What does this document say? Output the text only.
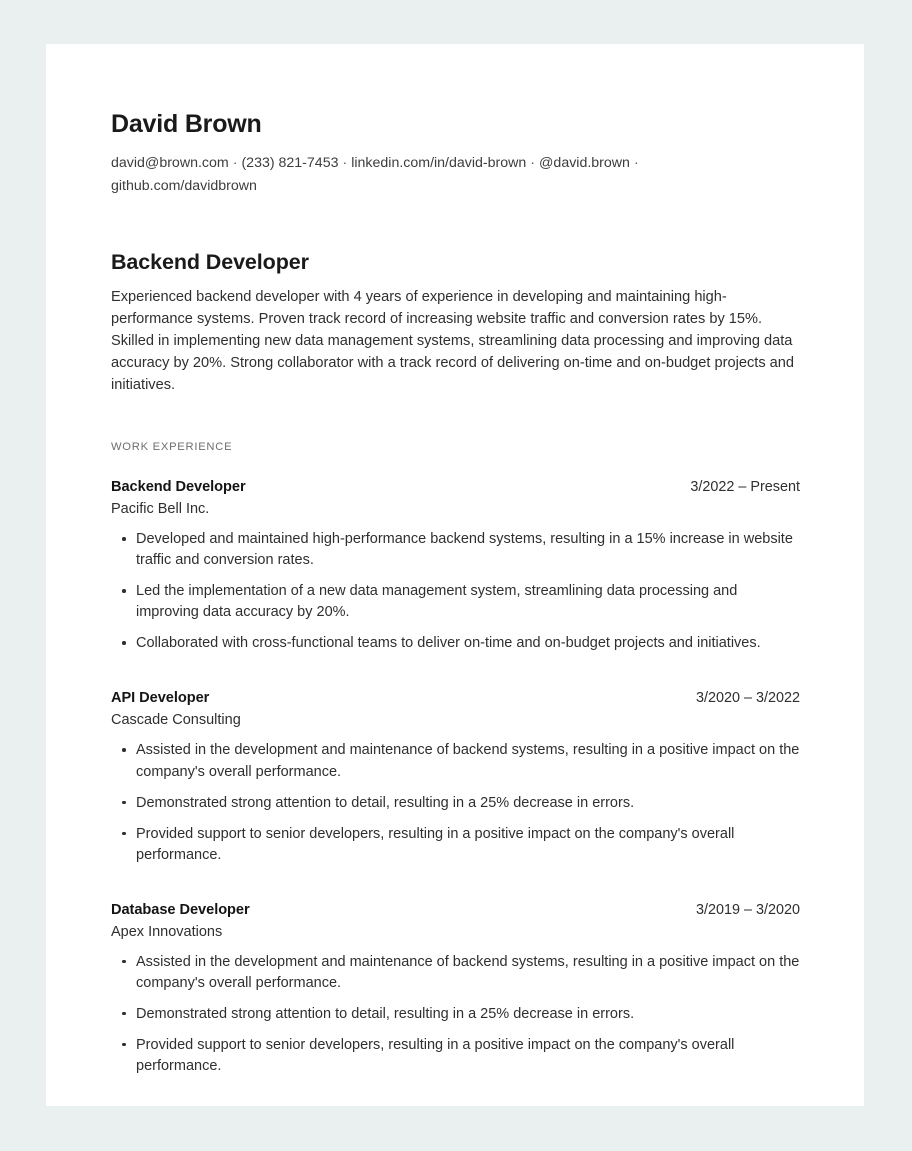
David Brown

david@brown.com · (233) 821-7453 · linkedin.com/in/david-brown · @david.brown ·github.com/davidbrown

Backend Developer

Experienced backend developer with 4 years of experience in developing and maintaining high-performance systems. Proven track record of increasing website traffic and conversion rates by 15%. Skilled in implementing new data management systems, streamlining data processing and improving data accuracy by 20%. Strong collaborator with a track record of delivering on-time and on-budget projects and initiatives.

WORK EXPERIENCE
Backend Developer	3/2022 – Present
Pacific Bell Inc.
Developed and maintained high-performance backend systems, resulting in a 15% increase in website traffic and conversion rates.
Led the implementation of a new data management system, streamlining data processing and improving data accuracy by 20%.
Collaborated with cross-functional teams to deliver on-time and on-budget projects and initiatives.
API Developer	3/2020 – 3/2022
Cascade Consulting
Assisted in the development and maintenance of backend systems, resulting in a positive impact on the company's overall performance.
Demonstrated strong attention to detail, resulting in a 25% decrease in errors.
Provided support to senior developers, resulting in a positive impact on the company's overall performance.
Database Developer	3/2019 – 3/2020
Apex Innovations
Assisted in the development and maintenance of backend systems, resulting in a positive impact on the company's overall performance.
Demonstrated strong attention to detail, resulting in a 25% decrease in errors.
Provided support to senior developers, resulting in a positive impact on the company's overall performance.
